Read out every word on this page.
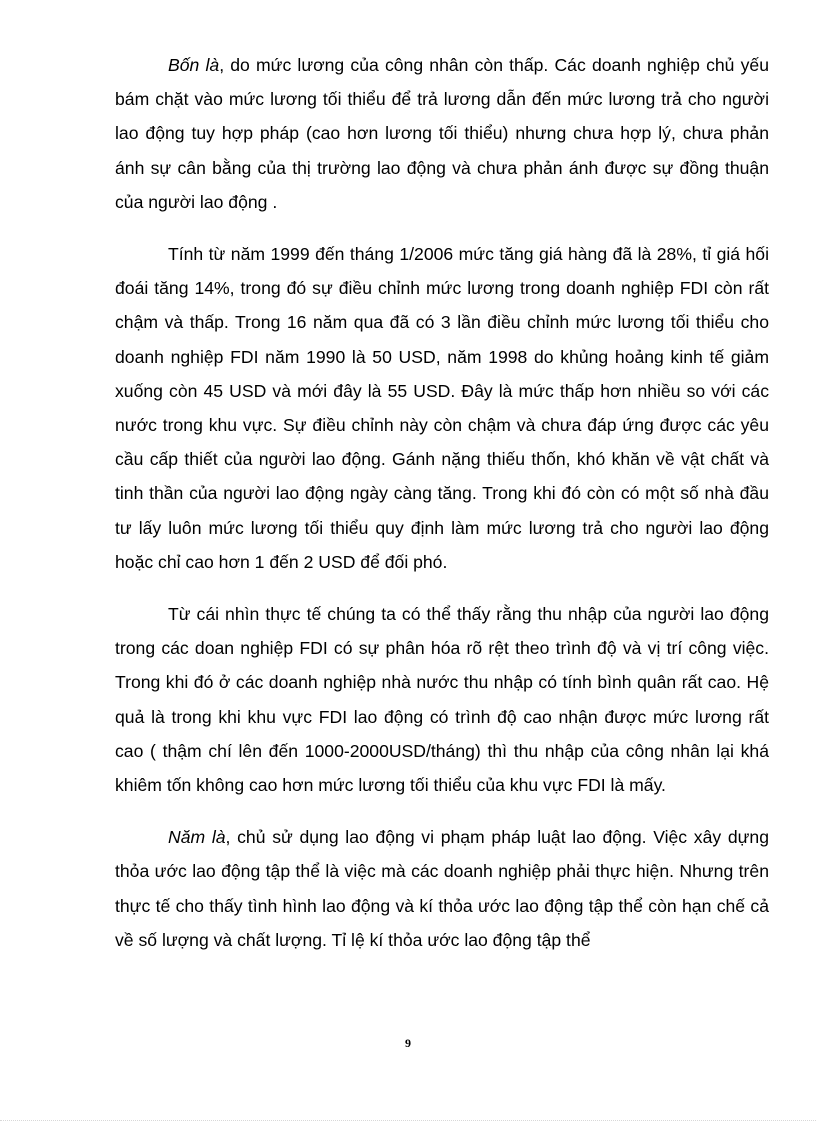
Bốn là, do mức lương của công nhân còn thấp. Các doanh nghiệp chủ yếu bám chặt vào mức lương tối thiểu để trả lương dẫn đến mức lương trả cho người lao động tuy hợp pháp (cao hơn lương tối thiểu) nhưng chưa hợp lý, chưa phản ánh sự cân bằng của thị trường lao động và chưa phản ánh được sự đồng thuận của người lao động .

Tính từ năm 1999 đến tháng 1/2006 mức tăng giá hàng đã là 28%, tỉ giá hối đoái tăng 14%, trong đó sự điều chỉnh mức lương trong doanh nghiệp FDI còn rất chậm và thấp. Trong 16 năm qua đã có 3 lần điều chỉnh mức lương tối thiểu cho doanh nghiệp FDI năm 1990 là 50 USD, năm 1998 do khủng hoảng kinh tế giảm xuống còn 45 USD và mới đây là 55 USD. Đây là mức thấp hơn nhiều so với các nước trong khu vực. Sự điều chỉnh này còn chậm và chưa đáp ứng được các yêu cầu cấp thiết của người lao động. Gánh nặng thiếu thốn, khó khăn về vật chất và tinh thần của người lao động ngày càng tăng. Trong khi đó còn có một số nhà đầu tư lấy luôn mức lương tối thiểu quy định làm mức lương trả cho người lao động hoặc chỉ cao hơn 1 đến 2 USD để đối phó.

Từ cái nhìn thực tế chúng ta có thể thấy rằng thu nhập của người lao động trong các doan nghiệp FDI có sự phân hóa rõ rệt theo trình độ và vị trí công việc. Trong khi đó ở các doanh nghiệp nhà nước thu nhập có tính bình quân rất cao. Hệ quả là trong khi khu vực FDI lao động có trình độ cao nhận được mức lương rất cao ( thậm chí lên đến 1000-2000USD/tháng) thì thu nhập của công nhân lại khá khiêm tốn không cao hơn mức lương tối thiểu của khu vực FDI là mấy.

Năm là, chủ sử dụng lao động vi phạm pháp luật lao động. Việc xây dựng thỏa ước lao động tập thể là việc mà các doanh nghiệp phải thực hiện. Nhưng trên thực tế cho thấy tình hình lao động và kí thỏa ước lao động tập thể còn hạn chế cả về số lượng và chất lượng. Tỉ lệ kí thỏa ước lao động tập thể

9
